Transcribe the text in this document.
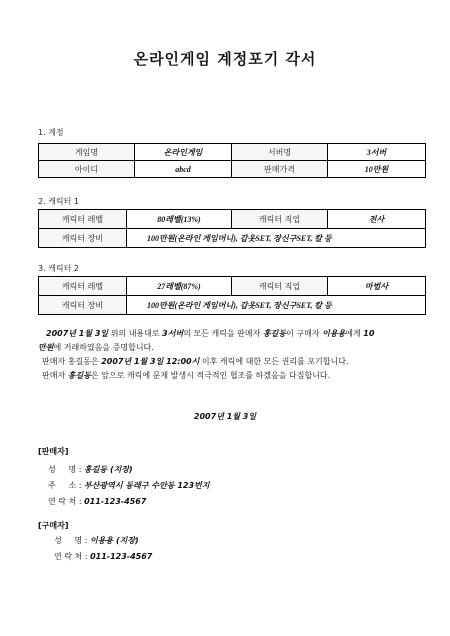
온라인게임 계정포기 각서
1. 계정
게임명	온라인게임	서버명	3서버
아이디	abcd	판매가격	10만원
2. 캐릭터 1
캐릭터 레벨	80레벨(13%)	캐릭터 직업	전사
캐릭터 장비	100만원(온라인 게임머니), 갑옷SET, 장신구SET, 칼 등		
3. 캐릭터 2
캐릭터 레벨	27레벨(87%)	캐릭터 직업	마법사
캐릭터 장비	100만원(온라인 게임머니), 갑옷SET, 장신구SET, 칼 등		
2007년 1월 3일 위의 내용대로 3서버의 모든 캐릭을 판매자 홍길동이 구매자 이용용에게 10
만원에 거래하였음을 증명합니다.
판매자 홍길동은 2007년 1월 3일 12:00시 이후 캐릭에 대한 모든 권리를 포기합니다.
판매자 홍길동은 앞으로 캐릭에 문제 발생시 적극적인 협조를 하겠음을 다짐합니다.
2007년 1월 3일
[판매자]
성     명 : 홍길동 (지장)
주     소 : 부산광역시 동래구 수안동 123번지
연 락 처 : 011-123-4567
[구매자]
성     명 : 이용용 (지장)
연 락 처 : 011-123-4567
